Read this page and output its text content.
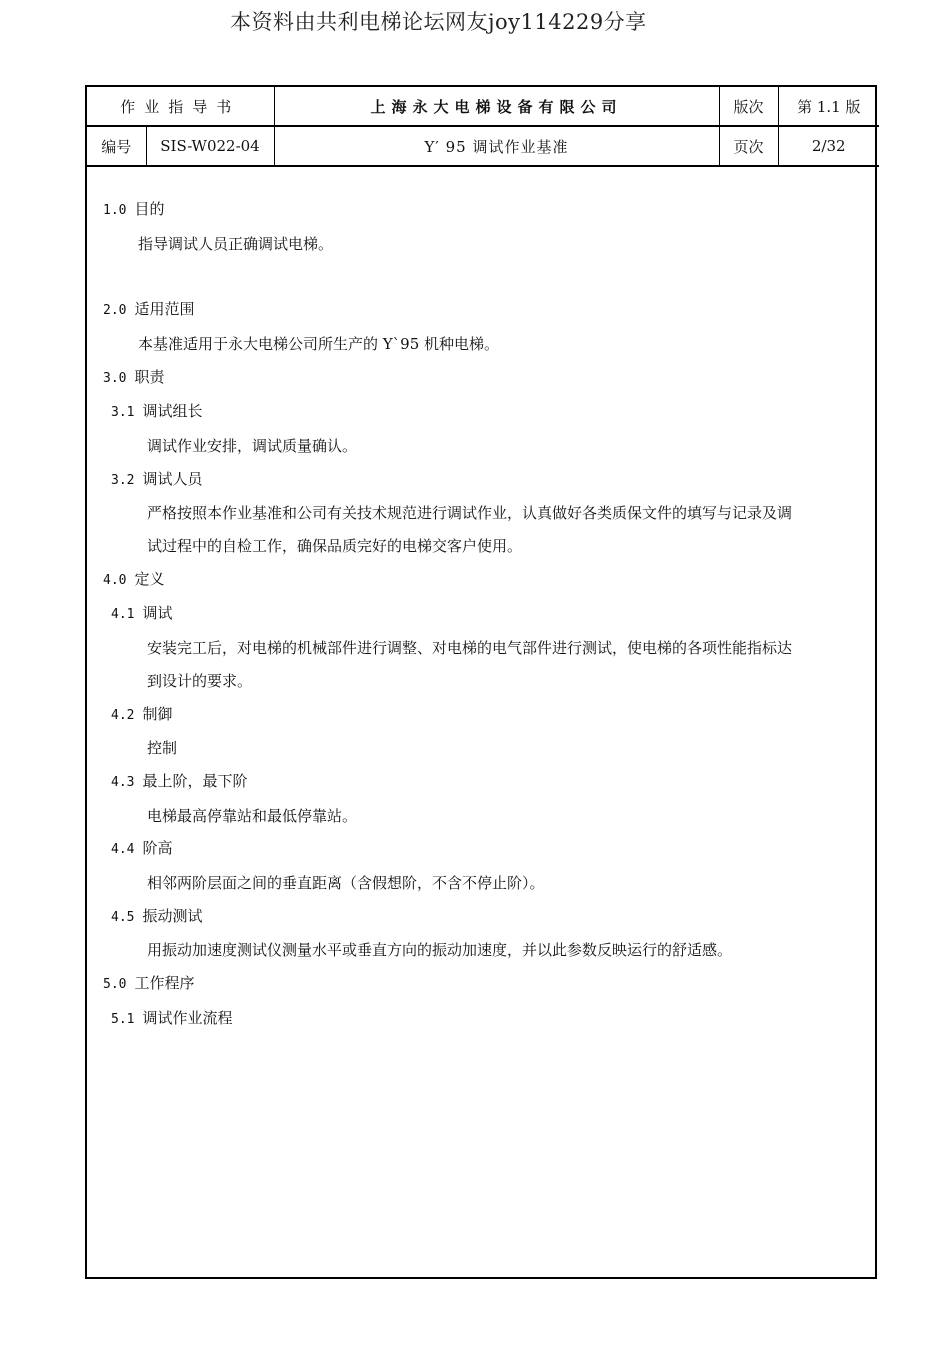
本资料由共利电梯论坛网友joy114229分享
作业指导书	上海永大电梯设备有限公司	版次	第 1.1 版
编号	SIS-W022-04	Y′ 95 调试作业基准	页次	2/32
1.0 目的
指导调试人员正确调试电梯。
2.0 适用范围
本基准适用于永大电梯公司所生产的 Y`95 机种电梯。
3.0 职责
3.1 调试组长
调试作业安排，调试质量确认。
3.2 调试人员
严格按照本作业基准和公司有关技术规范进行调试作业，认真做好各类质保文件的填写与记录及调
试过程中的自检工作，确保品质完好的电梯交客户使用。
4.0 定义
4.1 调试
安装完工后，对电梯的机械部件进行调整、对电梯的电气部件进行测试，使电梯的各项性能指标达
到设计的要求。
4.2 制御
控制
4.3 最上阶，最下阶
电梯最高停靠站和最低停靠站。
4.4 阶高
相邻两阶层面之间的垂直距离（含假想阶，不含不停止阶）。
4.5 振动测试
用振动加速度测试仪测量水平或垂直方向的振动加速度，并以此参数反映运行的舒适感。
5.0 工作程序
5.1 调试作业流程
